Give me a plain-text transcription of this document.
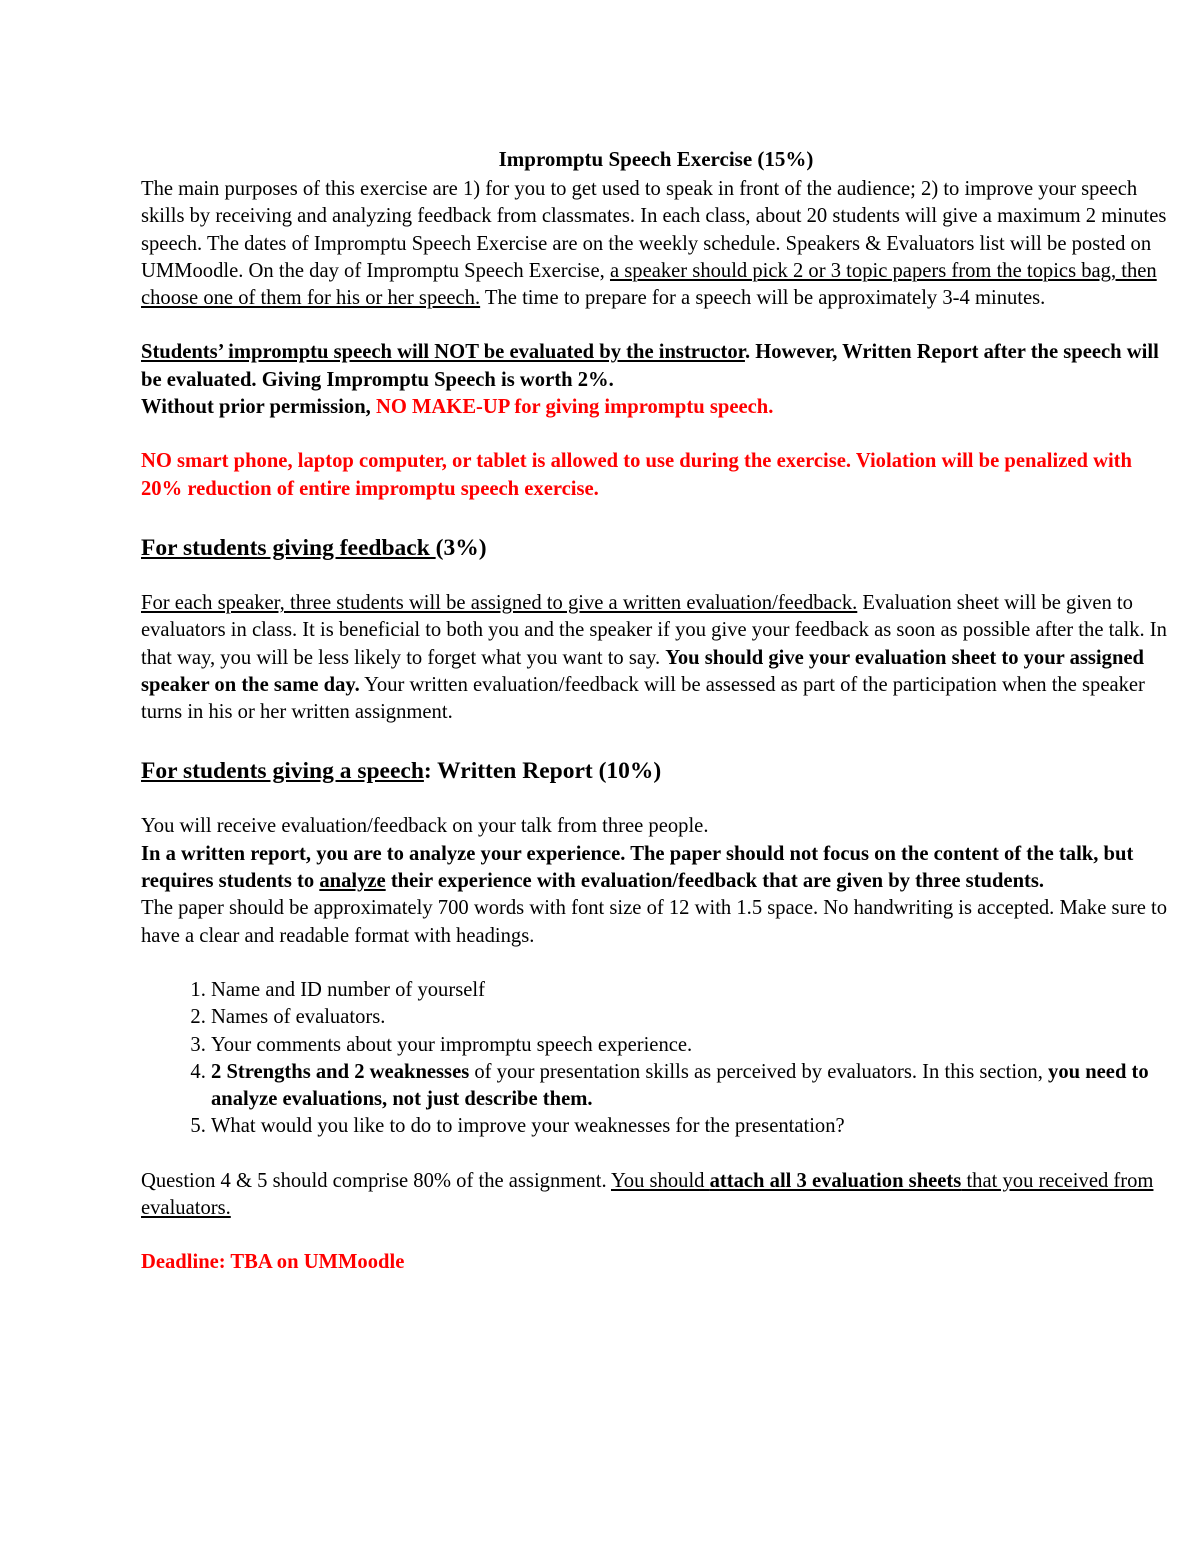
Impromptu Speech Exercise (15%)

The main purposes of this exercise are 1) for you to get used to speak in front of the audience; 2) to improve your speech skills by receiving and analyzing feedback from classmates. In each class, about 20 students will give a maximum 2 minutes speech. The dates of Impromptu Speech Exercise are on the weekly schedule. Speakers & Evaluators list will be posted on UMMoodle. On the day of Impromptu Speech Exercise, a speaker should pick 2 or 3 topic papers from the topics bag, then choose one of them for his or her speech. The time to prepare for a speech will be approximately 3-4 minutes.

Students’ impromptu speech will NOT be evaluated by the instructor. However, Written Report after the speech will be evaluated. Giving Impromptu Speech is worth 2%.
Without prior permission, NO MAKE-UP for giving impromptu speech.

NO smart phone, laptop computer, or tablet is allowed to use during the exercise. Violation will be penalized with 20% reduction of entire impromptu speech exercise.

For students giving feedback (3%)

For each speaker, three students will be assigned to give a written evaluation/feedback. Evaluation sheet will be given to evaluators in class. It is beneficial to both you and the speaker if you give your feedback as soon as possible after the talk. In that way, you will be less likely to forget what you want to say. You should give your evaluation sheet to your assigned speaker on the same day. Your written evaluation/feedback will be assessed as part of the participation when the speaker turns in his or her written assignment.

For students giving a speech: Written Report (10%)

You will receive evaluation/feedback on your talk from three people.

In a written report, you are to analyze your experience. The paper should not focus on the content of the talk, but requires students to analyze their experience with evaluation/feedback that are given by three students.

The paper should be approximately 700 words with font size of 12 with 1.5 space. No handwriting is accepted. Make sure to have a clear and readable format with headings.

1. Name and ID number of yourself
2. Names of evaluators.
3. Your comments about your impromptu speech experience.
4. 2 Strengths and 2 weaknesses of your presentation skills as perceived by evaluators. In this section, you need to analyze evaluations, not just describe them.
5. What would you like to do to improve your weaknesses for the presentation?

Question 4 & 5 should comprise 80% of the assignment. You should attach all 3 evaluation sheets that you received from evaluators.

Deadline: TBA on UMMoodle
